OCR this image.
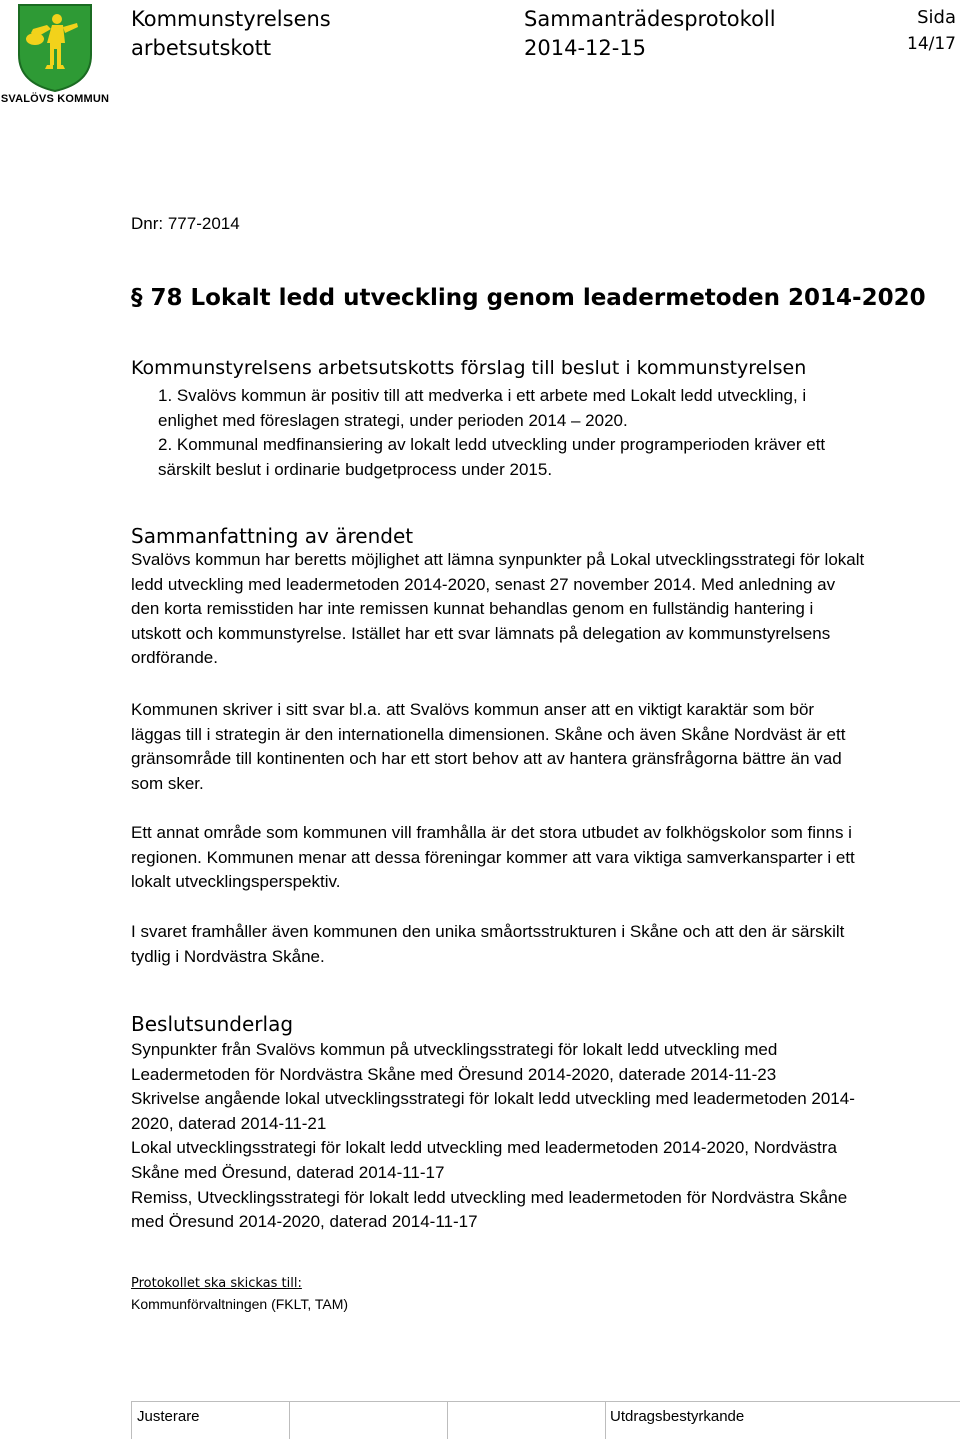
SVALÖVS KOMMUN
Kommunstyrelsens
arbetsutskott
Sammanträdesprotokoll
2014-12-15
Sida
14/17
Dnr: 777-2014
§ 78 Lokalt ledd utveckling genom leadermetoden 2014-2020
Kommunstyrelsens arbetsutskotts förslag till beslut i kommunstyrelsen
1. Svalövs kommun är positiv till att medverka i ett arbete med Lokalt ledd utveckling, i
enlighet med föreslagen strategi, under perioden 2014 – 2020.
2. Kommunal medfinansiering av lokalt ledd utveckling under programperioden kräver ett
särskilt beslut i ordinarie budgetprocess under 2015.
Sammanfattning av ärendet
Svalövs kommun har beretts möjlighet att lämna synpunkter på Lokal utvecklingsstrategi för lokalt
ledd utveckling med leadermetoden 2014-2020, senast 27 november 2014. Med anledning av
den korta remisstiden har inte remissen kunnat behandlas genom en fullständig hantering i
utskott och kommunstyrelse. Istället har ett svar lämnats på delegation av kommunstyrelsens
ordförande.
Kommunen skriver i sitt svar bl.a. att Svalövs kommun anser att en viktigt karaktär som bör
läggas till i strategin är den internationella dimensionen. Skåne och även Skåne Nordväst är ett
gränsområde till kontinenten och har ett stort behov att av hantera gränsfrågorna bättre än vad
som sker.
Ett annat område som kommunen vill framhålla är det stora utbudet av folkhögskolor som finns i
regionen. Kommunen menar att dessa föreningar kommer att vara viktiga samverkansparter i ett
lokalt utvecklingsperspektiv.
I svaret framhåller även kommunen den unika småortsstrukturen i Skåne och att den är särskilt
tydlig i Nordvästra Skåne.
Beslutsunderlag
Synpunkter från Svalövs kommun på utvecklingsstrategi för lokalt ledd utveckling med
Leadermetoden för Nordvästra Skåne med Öresund 2014-2020, daterade 2014-11-23
Skrivelse angående lokal utvecklingsstrategi för lokalt ledd utveckling med leadermetoden 2014-
2020, daterad 2014-11-21
Lokal utvecklingsstrategi för lokalt ledd utveckling med leadermetoden 2014-2020, Nordvästra
Skåne med Öresund, daterad 2014-11-17
Remiss, Utvecklingsstrategi för lokalt ledd utveckling med leadermetoden för Nordvästra Skåne
med Öresund 2014-2020, daterad 2014-11-17
Protokollet ska skickas till:
Kommunförvaltningen (FKLT, TAM)
Justerare	Utdragsbestyrkande
